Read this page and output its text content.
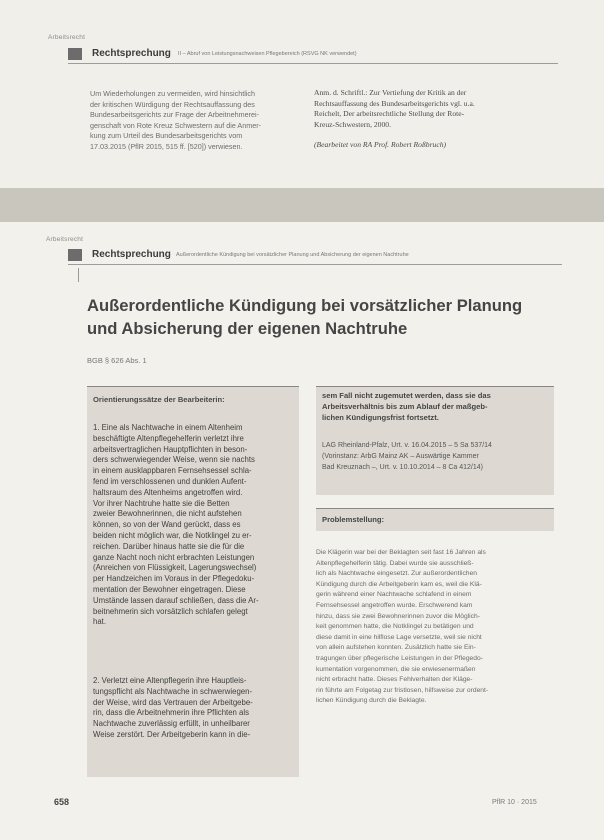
Arbeitsrecht
Rechtsprechung II – Abruf von Leistungsnachweisen Pflegebereich (RSVG NK verwendet)
Um Wiederholungen zu vermeiden, wird hinsichtlich
der kritischen Würdigung der Rechtsauffassung des
Bundesarbeitsgerichts zur Frage der Arbeitnehmerei-
genschaft von Rote Kreuz Schwestern auf die Anmer-
kung zum Urteil des Bundesarbeitsgerichts vom
17.03.2015 (PflR 2015, 515 ff. [520]) verwiesen.
Anm. d. Schriftl.: Zur Vertiefung der Kritik an der
Rechtsauffassung des Bundesarbeitsgerichts vgl. u.a.
Reichelt, Der arbeitsrechtliche Stellung der Rote-
Kreuz-Schwestern, 2000.
(Bearbeitet von RA Prof. Robert Roßbruch)
Arbeitsrecht
Rechtsprechung Außerordentliche Kündigung bei vorsätzlicher Planung und Absicherung der eigenen Nachtruhe
Außerordentliche Kündigung bei vorsätzlicher Planung
und Absicherung der eigenen Nachtruhe
BGB § 626 Abs. 1
Orientierungssätze der Bearbeiterin:
1. Eine als Nachtwache in einem Altenheim
beschäftigte Altenpflegehelferin verletzt ihre
arbeitsvertraglichen Hauptpflichten in beson-
ders schwerwiegender Weise, wenn sie nachts
in einem ausklappbaren Fernsehsessel schla-
fend im verschlossenen und dunklen Aufent-
haltsraum des Altenheims angetroffen wird.
Vor ihrer Nachtruhe hatte sie die Betten
zweier Bewohnerinnen, die nicht aufstehen
können, so von der Wand gerückt, dass es
beiden nicht möglich war, die Notklingel zu er-
reichen. Darüber hinaus hatte sie die für die
ganze Nacht noch nicht erbrachten Leistungen
(Anreichen von Flüssigkeit, Lagerungswechsel)
per Handzeichen im Voraus in der Pflegedoku-
mentation der Bewohner eingetragen. Diese
Umstände lassen darauf schließen, dass die Ar-
beitnehmerin sich vorsätzlich schlafen gelegt
hat.
2. Verletzt eine Altenpflegerin ihre Hauptleis-
tungspflicht als Nachtwache in schwerwiegen-
der Weise, wird das Vertrauen der Arbeitgebe-
rin, dass die Arbeitnehmerin ihre Pflichten als
Nachtwache zuverlässig erfüllt, in unheilbarer
Weise zerstört. Der Arbeitgeberin kann in die-
sem Fall nicht zugemutet werden, dass sie das
Arbeitsverhältnis bis zum Ablauf der maßgeb-
lichen Kündigungsfrist fortsetzt.
LAG Rheinland-Pfalz, Urt. v. 16.04.2015 – 5 Sa 537/14
(Vorinstanz: ArbG Mainz AK – Auswärtige Kammer
Bad Kreuznach –, Urt. v. 10.10.2014 – 8 Ca 412/14)
Problemstellung:
Die Klägerin war bei der Beklagten seit fast 16 Jahren als
Altenpflegehelferin tätig. Dabei wurde sie ausschließ-
lich als Nachtwache eingesetzt. Zur außerordentlichen
Kündigung durch die Arbeitgeberin kam es, weil die Klä-
gerin während einer Nachtwache schlafend in einem
Fernsehsessel angetroffen wurde. Erschwerend kam
hinzu, dass sie zwei Bewohnerinnen zuvor die Möglich-
keit genommen hatte, die Notklingel zu betätigen und
diese damit in eine hilflose Lage versetzte, weil sie nicht
von allein aufstehen konnten. Zusätzlich hatte sie Ein-
tragungen über pflegerische Leistungen in der Pflegedo-
kumentation vorgenommen, die sie erwiesenermaßen
nicht erbracht hatte. Dieses Fehlverhalten der Kläge-
rin führte am Folgetag zur fristlosen, hilfsweise zur ordent-
lichen Kündigung durch die Beklagte.
658	PflR 10 · 2015
